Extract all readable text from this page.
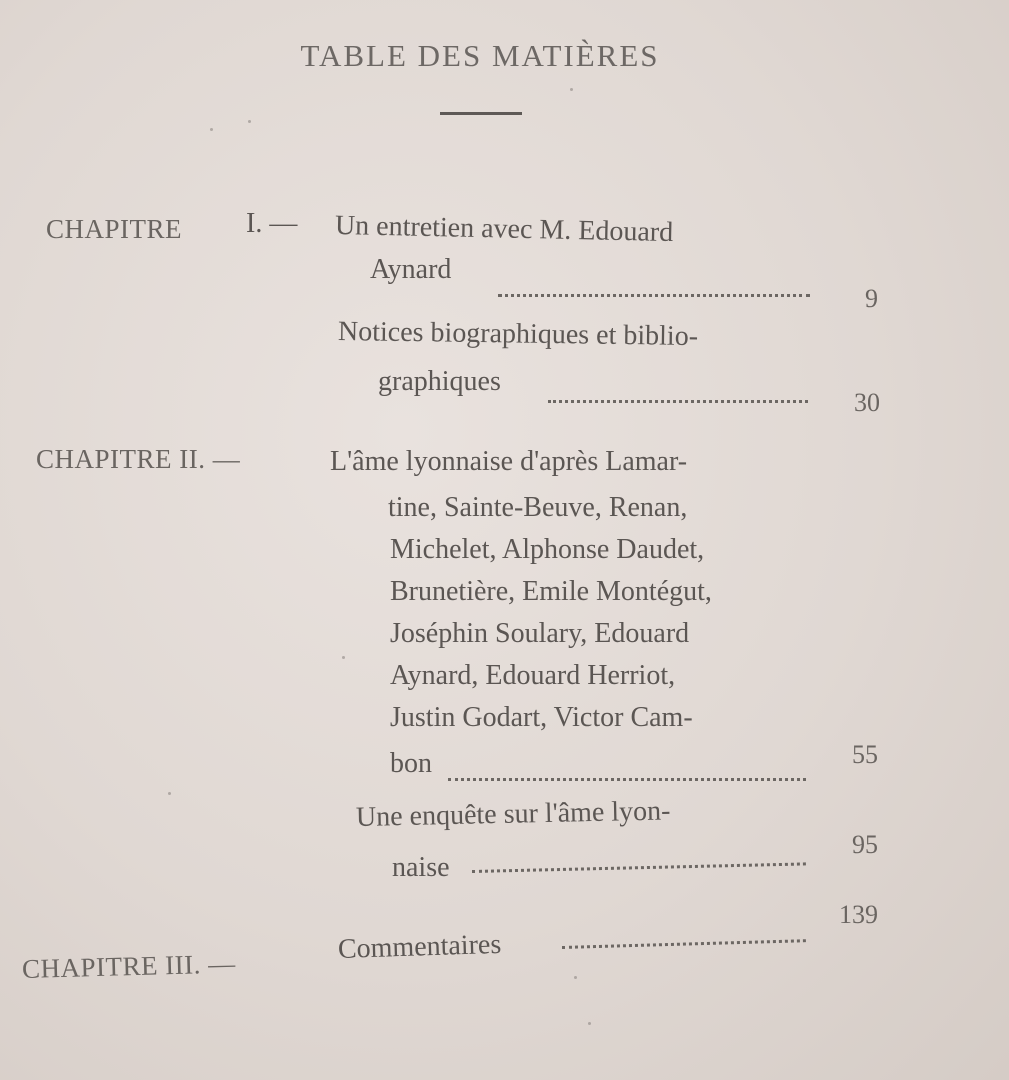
TABLE DES MATIÈRES
CHAPITRE I. — Un entretien avec M. Edouard
Aynard
9
Notices biographiques et biblio-
graphiques
30
CHAPITRE II. —	L'âme lyonnaise d'après Lamar-
tine, Sainte-Beuve, Renan,
Michelet, Alphonse Daudet,
Brunetière, Emile Montégut,
Joséphin Soulary, Edouard
Aynard, Edouard Herriot,
Justin Godart, Victor Cam-
bon	55
Une enquête sur l'âme lyon-
naise
95
CHAPITRE III. —
Commentaires
139
